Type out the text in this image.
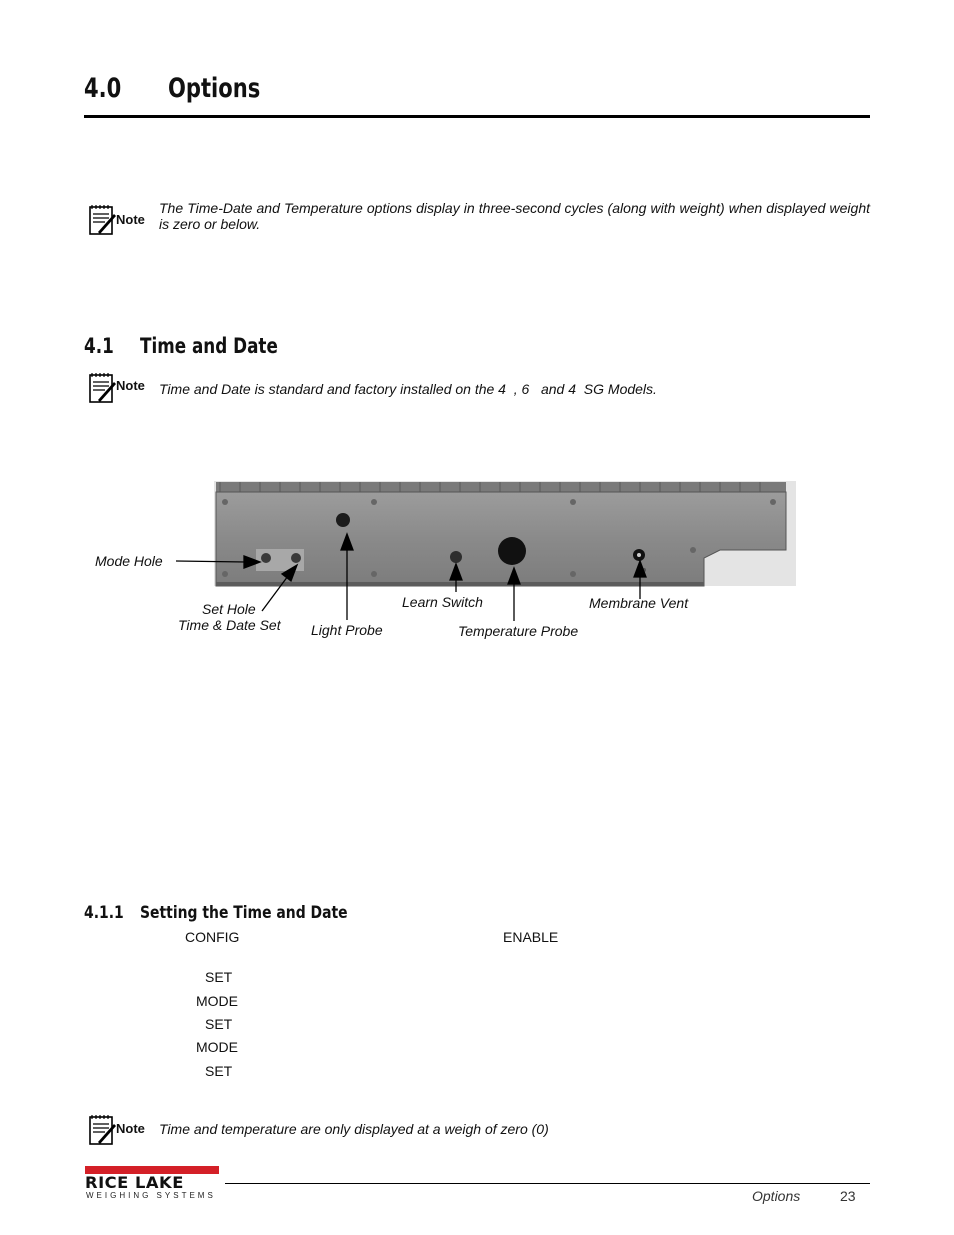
4.0 Options
Note
The Time-Date and Temperature options display in three-second cycles (along with weight) when displayed weight is zero or below.
4.1 Time and Date
Note Time and Date is standard and factory installed on the 4  , 6   and 4  SG Models.
Mode Hole
Set Hole
Time & Date Set Light Probe
Learn Switch
Temperature Probe
Membrane Vent
4.1.1 Setting the Time and Date
CONFIG	ENABLE
SET
MODE
SET
MODE
SET
Note Time and temperature are only displayed at a weigh of zero (0)
RICE LAKE
WEIGHING SYSTEMS	Options	23
